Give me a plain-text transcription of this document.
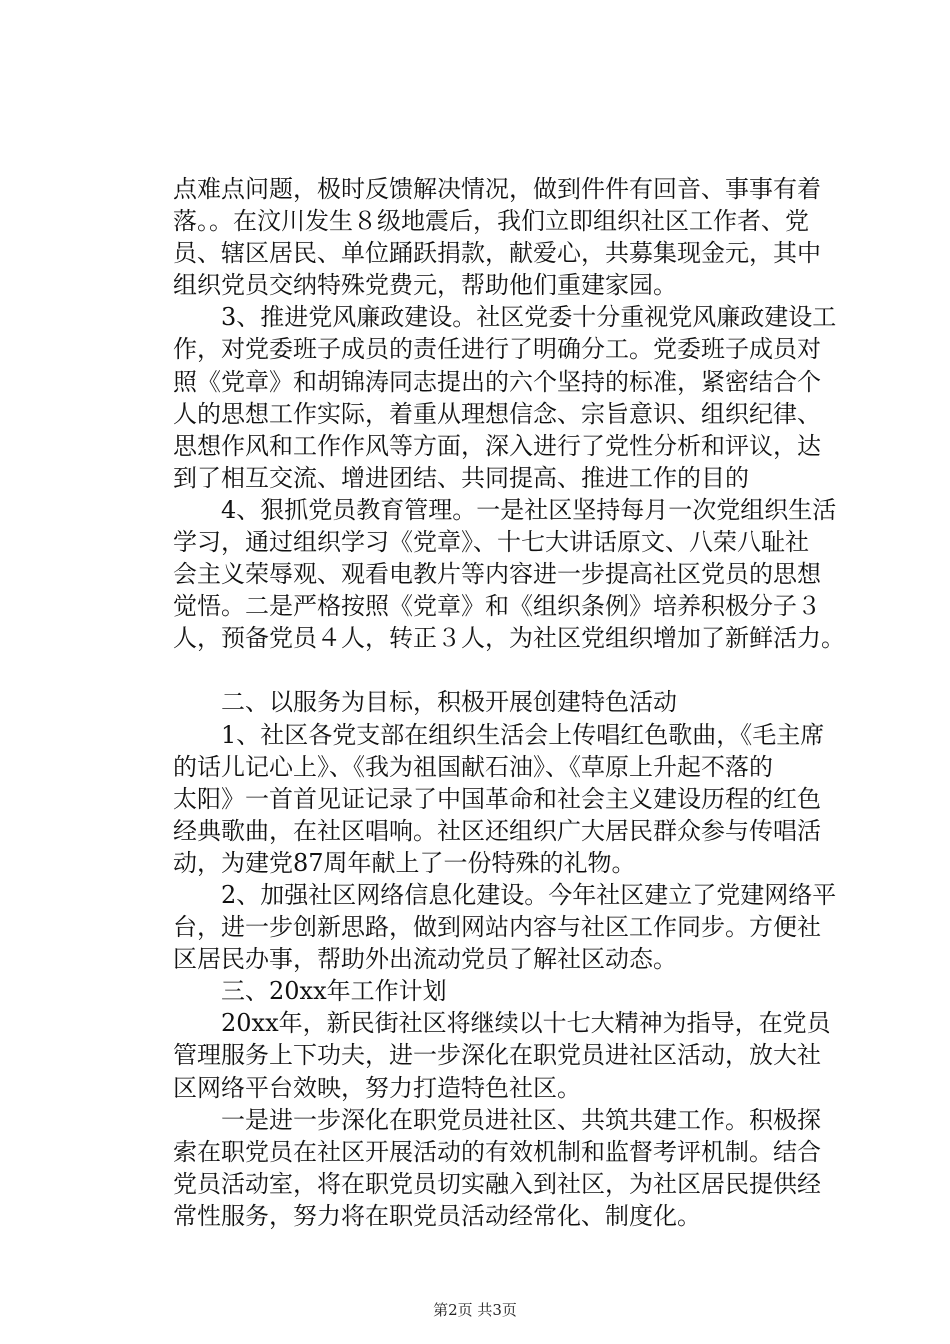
点难点问题，极时反馈解决情况，做到件件有回音、事事有着
落。。在汶川发生８级地震后，我们立即组织社区工作者、党
员、辖区居民、单位踊跃捐款，献爱心，共募集现金元，其中
组织党员交纳特殊党费元，帮助他们重建家园。
　　3、推进党风廉政建设。社区党委十分重视党风廉政建设工
作，对党委班子成员的责任进行了明确分工。党委班子成员对
照《党章》和胡锦涛同志提出的六个坚持的标准，紧密结合个
人的思想工作实际，着重从理想信念、宗旨意识、组织纪律、
思想作风和工作作风等方面，深入进行了党性分析和评议，达
到了相互交流、增进团结、共同提高、推进工作的目的
　　4、狠抓党员教育管理。一是社区坚持每月一次党组织生活
学习，通过组织学习《党章》、十七大讲话原文、八荣八耻社
会主义荣辱观、观看电教片等内容进一步提高社区党员的思想
觉悟。二是严格按照《党章》和《组织条例》培养积极分子３
人，预备党员４人，转正３人，为社区党组织增加了新鲜活力。
　　二、以服务为目标，积极开展创建特色活动
　　1、社区各党支部在组织生活会上传唱红色歌曲，《毛主席
的话儿记心上》、《我为祖国献石油》、《草原上升起不落的
太阳》一首首见证记录了中国革命和社会主义建设历程的红色
经典歌曲，在社区唱响。社区还组织广大居民群众参与传唱活
动，为建党87周年献上了一份特殊的礼物。
　　2、加强社区网络信息化建设。今年社区建立了党建网络平
台，进一步创新思路，做到网站内容与社区工作同步。方便社
区居民办事，帮助外出流动党员了解社区动态。
　　三、20xx年工作计划
　　20xx年，新民街社区将继续以十七大精神为指导，在党员
管理服务上下功夫，进一步深化在职党员进社区活动，放大社
区网络平台效映，努力打造特色社区。
　　一是进一步深化在职党员进社区、共筑共建工作。积极探
索在职党员在社区开展活动的有效机制和监督考评机制。结合
党员活动室，将在职党员切实融入到社区，为社区居民提供经
常性服务，努力将在职党员活动经常化、制度化。
第2页 共3页
